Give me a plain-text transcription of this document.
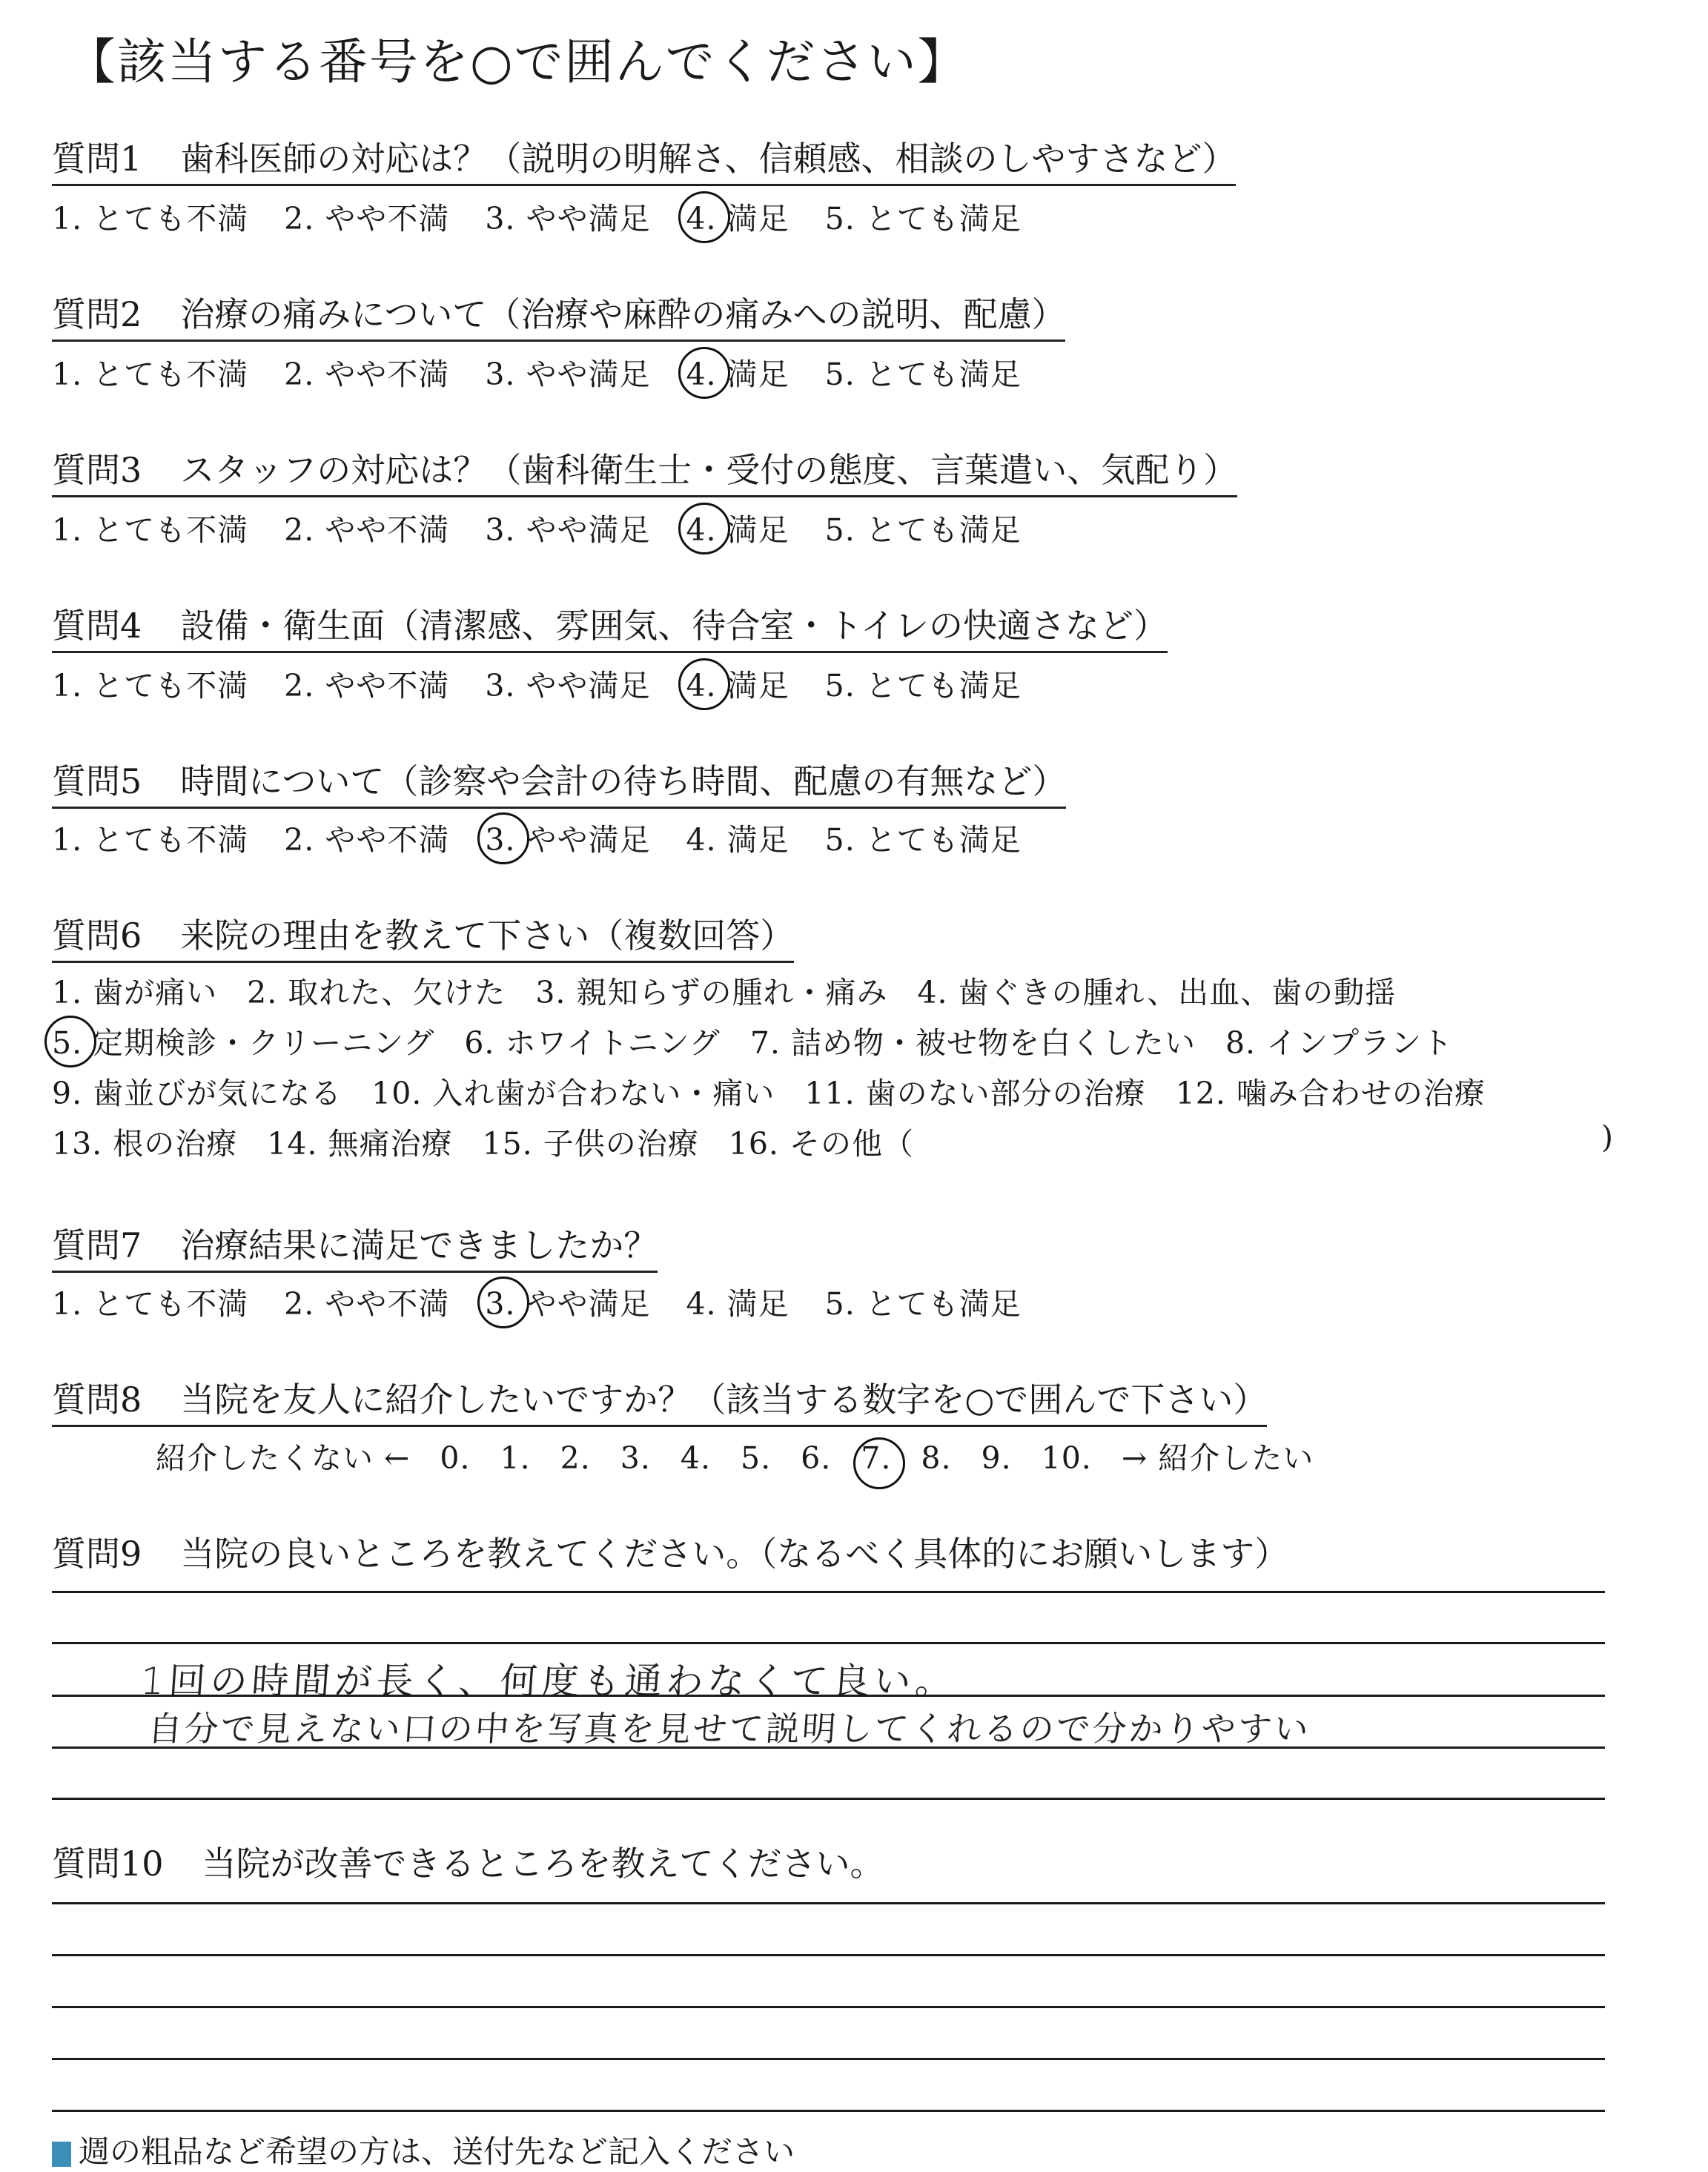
【該当する番号を○で囲んでください】
質問1 歯科医師の対応は？（説明の明解さ、信頼感、相談のしやすさなど）
1. とても不満 2. やや不満 3. やや満足 4. 満足 5. とても満足
質問2 治療の痛みについて（治療や麻酔の痛みへの説明、配慮）
1. とても不満 2. やや不満 3. やや満足 4. 満足 5. とても満足
質問3 スタッフの対応は？（歯科衛生士・受付の態度、言葉遣い、気配り）
1. とても不満 2. やや不満 3. やや満足 4. 満足 5. とても満足
質問4 設備・衛生面（清潔感、雰囲気、待合室・トイレの快適さなど）
1. とても不満 2. やや不満 3. やや満足 4. 満足 5. とても満足
質問5 時間について（診察や会計の待ち時間、配慮の有無など）
1. とても不満 2. やや不満 3. やや満足 4. 満足 5. とても満足
質問6 来院の理由を教えて下さい（複数回答）
1. 歯が痛い 2. 取れた、欠けた 3. 親知らずの腫れ・痛み 4. 歯ぐきの腫れ、出血、歯の動揺
5. 定期検診・クリーニング 6. ホワイトニング 7. 詰め物・被せ物を白くしたい 8. インプラント
9. 歯並びが気になる 10. 入れ歯が合わない・痛い 11. 歯のない部分の治療 12. 噛み合わせの治療
13. 根の治療 14. 無痛治療 15. 子供の治療 16. その他（	)
質問7 治療結果に満足できましたか？
1. とても不満 2. やや不満 3. やや満足 4. 満足 5. とても満足
質問8 当院を友人に紹介したいですか？（該当する数字を○で囲んで下さい）
紹介したくない ← 0. 1. 2. 3. 4. 5. 6. 7. 8. 9. 10. → 紹介したい
質問9 当院の良いところを教えてください。（なるべく具体的にお願いします）
1回の時間が長く、何度も通わなくて良い。
自分で見えない口の中を写真を見せて説明してくれるので分かりやすい
質問10 当院が改善できるところを教えてください。
週の粗品など希望の方は、送付先など記入ください
